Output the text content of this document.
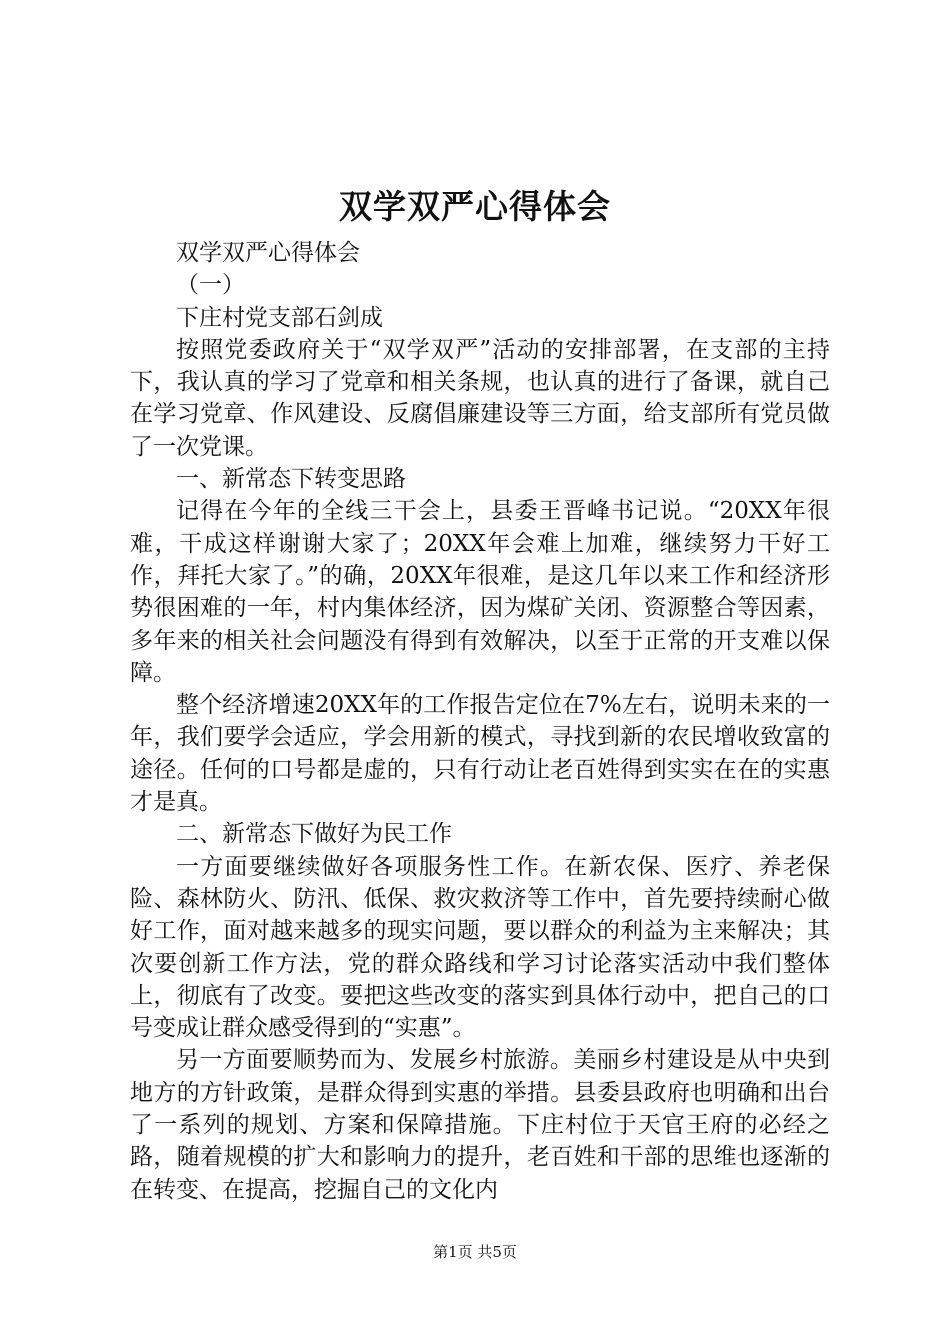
双学双严心得体会

双学双严心得体会

（一）

下庄村党支部石剑成

按照党委政府关于“双学双严”活动的安排部署，在支部的主持下，我认真的学习了党章和相关条规，也认真的进行了备课，就自己在学习党章、作风建设、反腐倡廉建设等三方面，给支部所有党员做了一次党课。

一、新常态下转变思路

记得在今年的全线三干会上，县委王晋峰书记说。“20XX年很难，干成这样谢谢大家了；20XX年会难上加难，继续努力干好工作，拜托大家了。”的确，20XX年很难，是这几年以来工作和经济形势很困难的一年，村内集体经济，因为煤矿关闭、资源整合等因素，多年来的相关社会问题没有得到有效解决，以至于正常的开支难以保障。

整个经济增速20XX年的工作报告定位在7%左右，说明未来的一年，我们要学会适应，学会用新的模式，寻找到新的农民增收致富的途径。任何的口号都是虚的，只有行动让老百姓得到实实在在的实惠才是真。

二、新常态下做好为民工作

一方面要继续做好各项服务性工作。在新农保、医疗、养老保险、森林防火、防汛、低保、救灾救济等工作中，首先要持续耐心做好工作，面对越来越多的现实问题，要以群众的利益为主来解决；其次要创新工作方法，党的群众路线和学习讨论落实活动中我们整体上，彻底有了改变。要把这些改变的落实到具体行动中，把自己的口号变成让群众感受得到的“实惠”。

另一方面要顺势而为、发展乡村旅游。美丽乡村建设是从中央到地方的方针政策，是群众得到实惠的举措。县委县政府也明确和出台了一系列的规划、方案和保障措施。下庄村位于天官王府的必经之路，随着规模的扩大和影响力的提升，老百姓和干部的思维也逐渐的在转变、在提高，挖掘自己的文化内

第1页 共5页
